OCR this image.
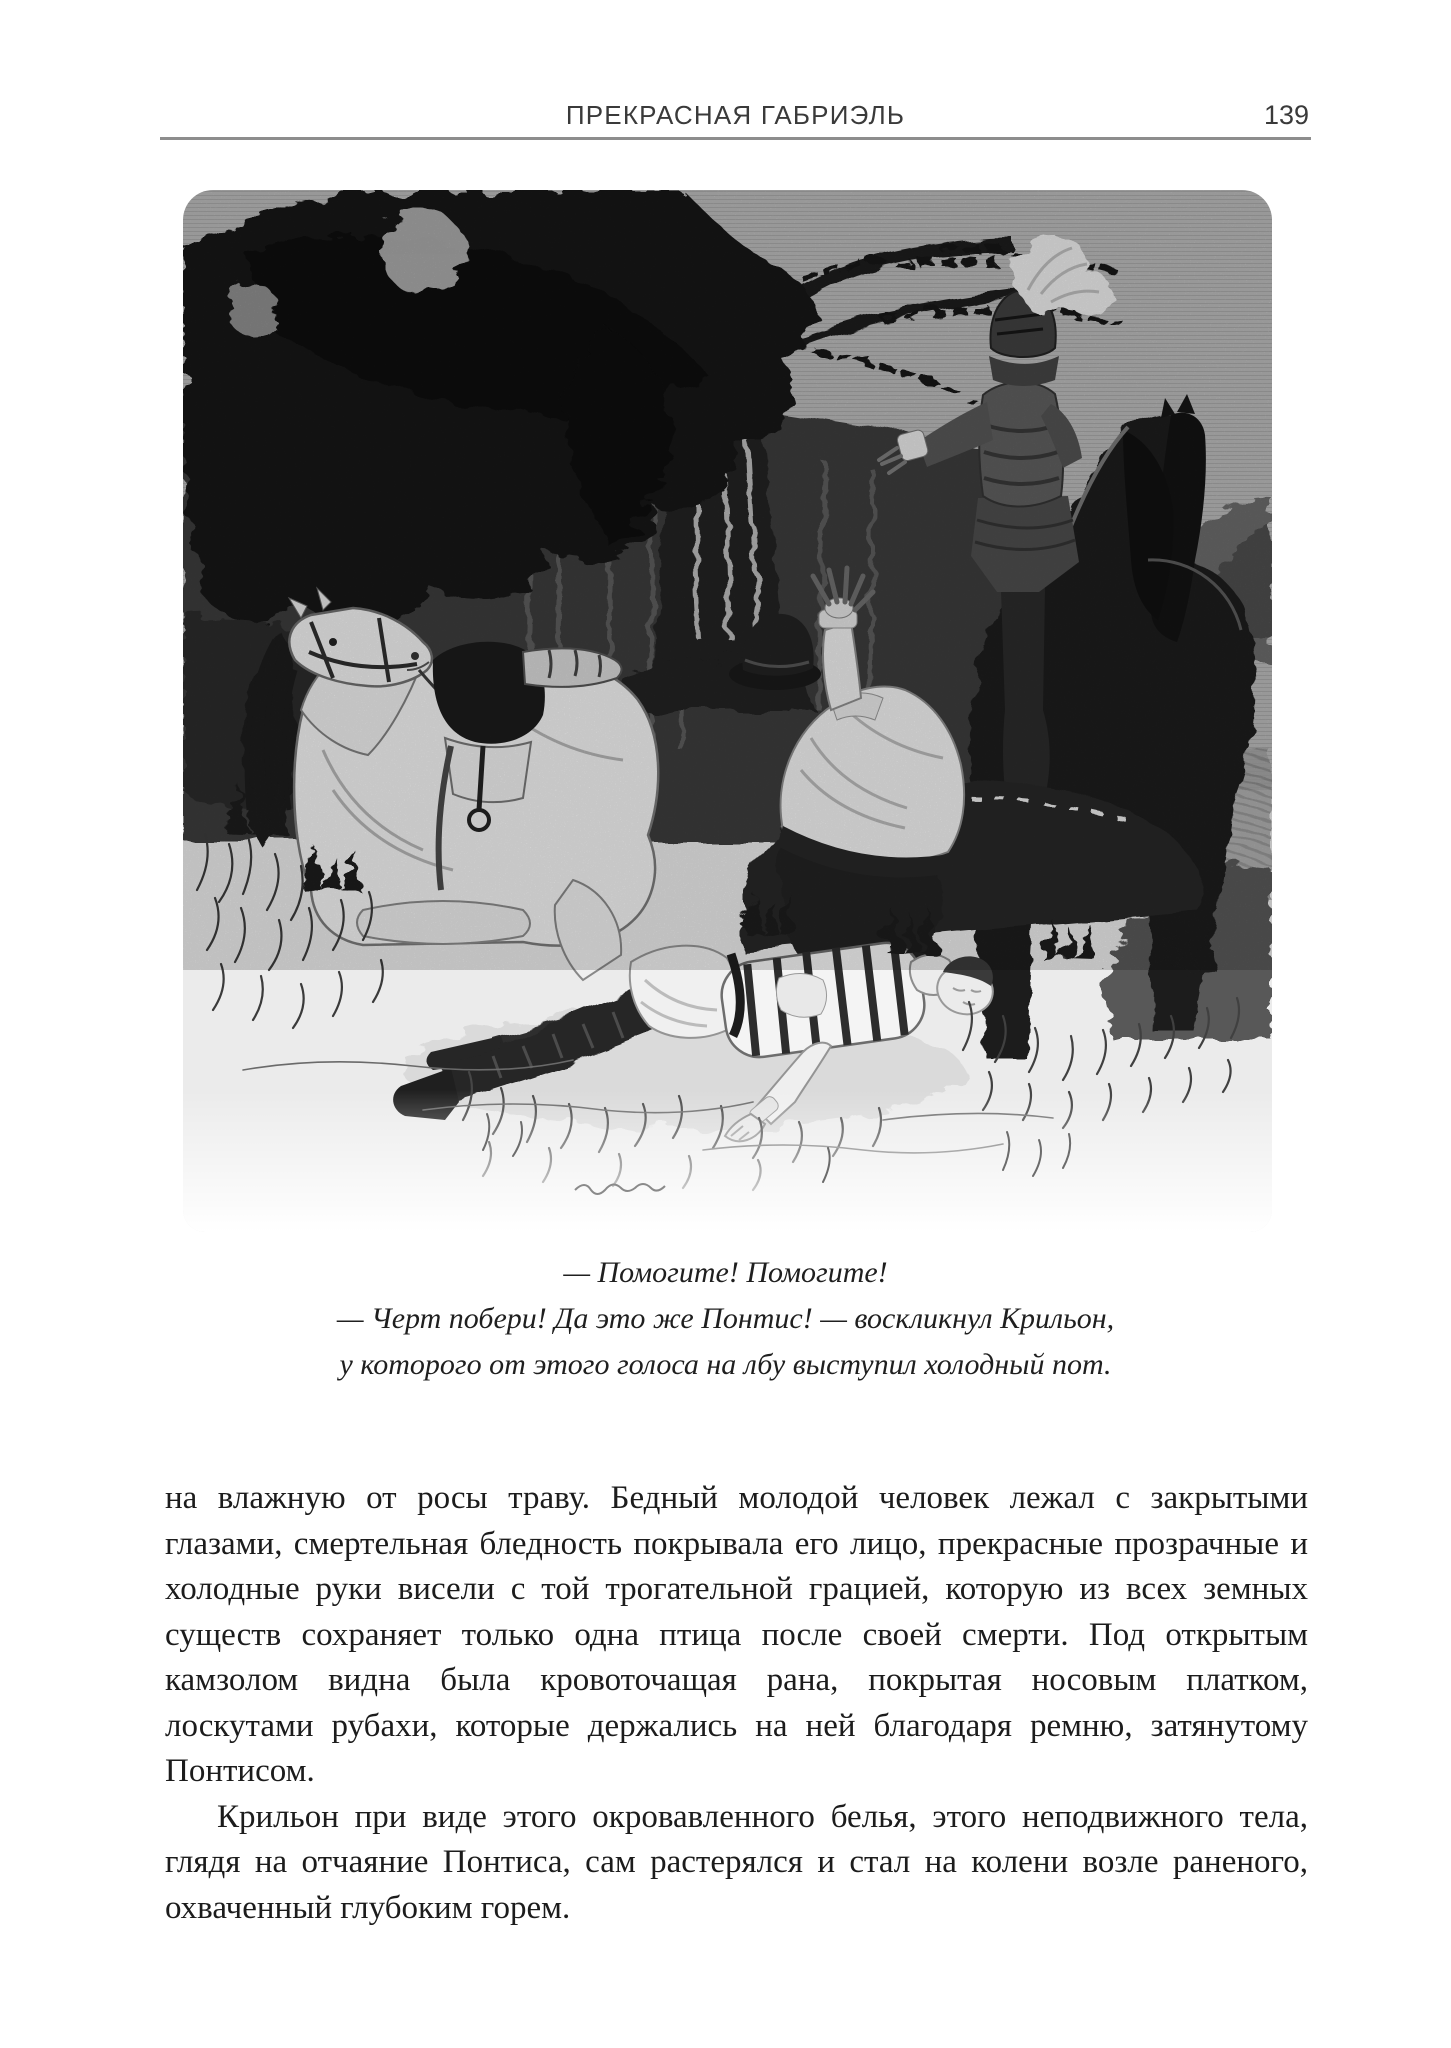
ПРЕКРАСНАЯ ГАБРИЭЛЬ	139
— Помогите! Помогите!
— Черт побери! Да это же Понтис! — воскликнул Крильон,
у которого от этого голоса на лбу выступил холодный пот.

на влажную от росы траву. Бедный молодой человек лежал с закрытыми глазами, смертельная бледность покрывала его лицо, прекрасные прозрачные и холодные руки висели с той трогательной грацией, которую из всех земных существ сохраняет только одна птица после своей смерти. Под открытым камзолом видна была кровоточащая рана, покрытая носовым платком, лоскутами рубахи, которые держались на ней благодаря ремню, затянутому Понтисом.

Крильон при виде этого окровавленного белья, этого неподвижного тела, глядя на отчаяние Понтиса, сам растерялся и стал на колени возле раненого, охваченный глубоким горем.
